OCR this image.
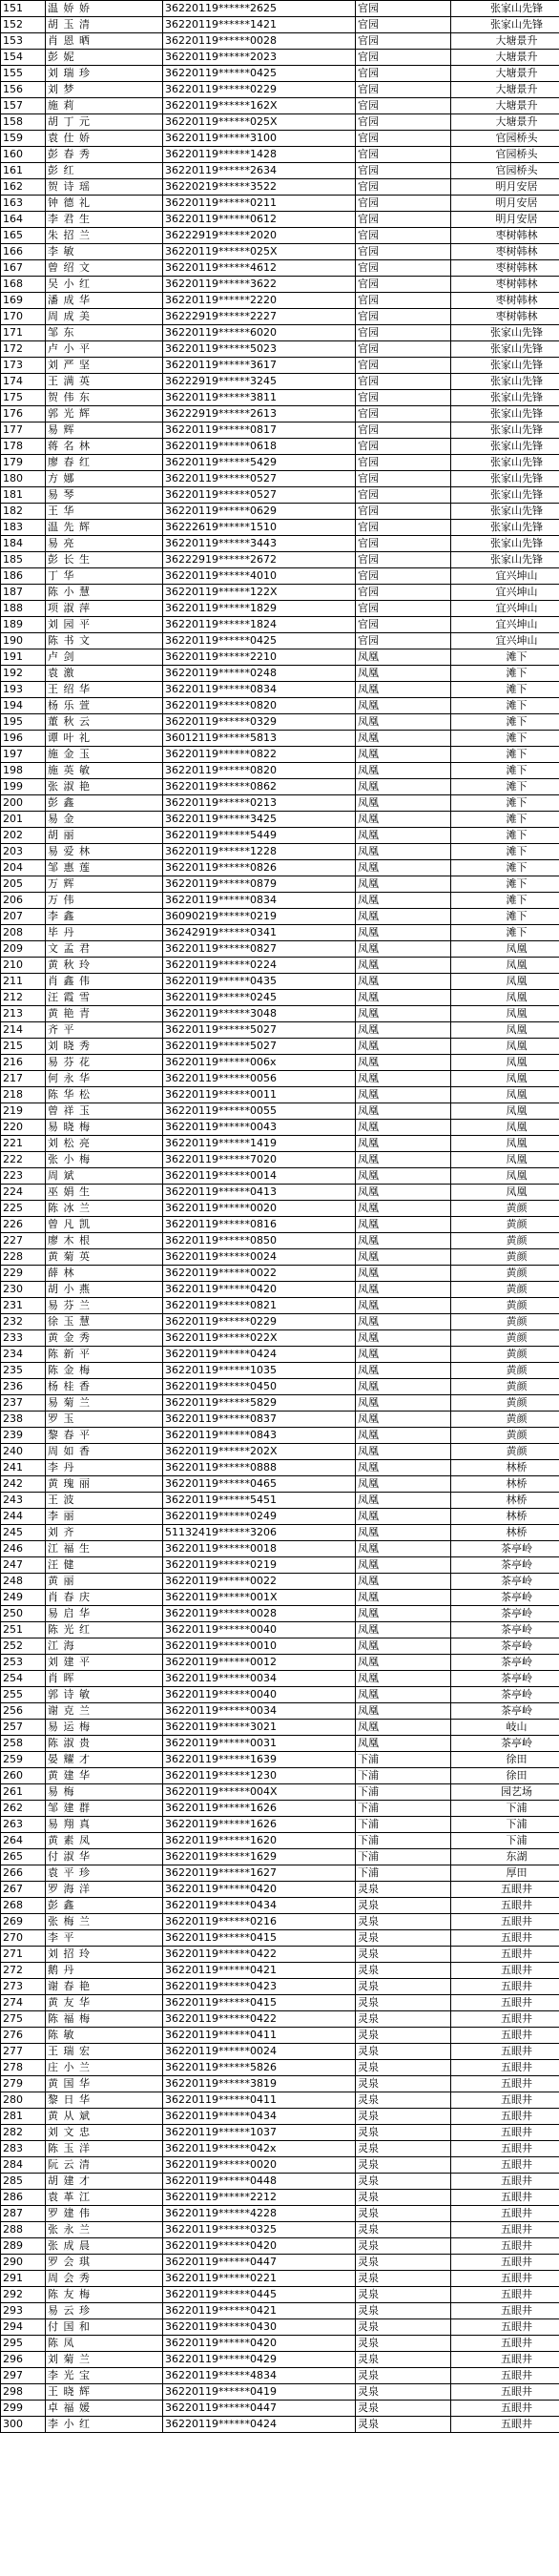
151	温 娇 娇	36220119******2625	官园	张家山先锋
152	胡 玉 清	36220119******1421	官园	张家山先锋
153	肖 恩 晒	36220119******0028	官园	大塘景升
154	彭 妮	36220119******2023	官园	大塘景升
155	刘 瑞 珍	36220119******0425	官园	大塘景升
156	刘 梦	36220119******0229	官园	大塘景升
157	施 莉	36220119******162X	官园	大塘景升
158	胡 丁 元	36220119******025X	官园	大塘景升
159	袁 仕 娇	36220119******3100	官园	官园桥头
160	彭 春 秀	36220119******1428	官园	官园桥头
161	彭 红	36220119******2634	官园	官园桥头
162	贺 诗 瑶	36220219******3522	官园	明月安居
163	钟 德 礼	36220119******0211	官园	明月安居
164	李 君 生	36220119******0612	官园	明月安居
165	朱 招 兰	36222919******2020	官园	枣树韩林
166	李 敏	36220119******025X	官园	枣树韩林
167	曾 绍 文	36220119******4612	官园	枣树韩林
168	吴 小 红	36220119******3622	官园	枣树韩林
169	潘 成 华	36220119******2220	官园	枣树韩林
170	周 成 美	36222919******2227	官园	枣树韩林
171	邹 东	36220119******6020	官园	张家山先锋
172	卢 小 平	36220119******5023	官园	张家山先锋
173	刘 严 坚	36220119******3617	官园	张家山先锋
174	王 满 英	36222919******3245	官园	张家山先锋
175	贺 伟 东	36220119******3811	官园	张家山先锋
176	郭 光 辉	36222919******2613	官园	张家山先锋
177	易 辉	36220119******0817	官园	张家山先锋
178	蒋 名 林	36220119******0618	官园	张家山先锋
179	廖 春 红	36220119******5429	官园	张家山先锋
180	方 娜	36220119******0527	官园	张家山先锋
181	易 琴	36220119******0527	官园	张家山先锋
182	王 华	36220119******0629	官园	张家山先锋
183	温 先 辉	36222619******1510	官园	张家山先锋
184	易 亮	36220119******3443	官园	张家山先锋
185	彭 长 生	36222919******2672	官园	张家山先锋
186	丁 华	36220119******4010	官园	宜兴坤山
187	陈 小 慧	36220119******122X	官园	宜兴坤山
188	项 淑 萍	36220119******1829	官园	宜兴坤山
189	刘 园 平	36220119******1824	官园	宜兴坤山
190	陈 书 文	36220119******0425	官园	宜兴坤山
191	卢 剑	36220119******2210	凤凰	滩下
192	袁 激	36220119******0248	凤凰	滩下
193	王 绍 华	36220119******0834	凤凰	滩下
194	杨 乐 萱	36220119******0820	凤凰	滩下
195	董 秋 云	36220119******0329	凤凰	滩下
196	谭 叶 礼	36012119******5813	凤凰	滩下
197	施 金 玉	36220119******0822	凤凰	滩下
198	施 英 敏	36220119******0820	凤凰	滩下
199	张 淑 艳	36220119******0862	凤凰	滩下
200	彭 鑫	36220119******0213	凤凰	滩下
201	易 金	36220119******3425	凤凰	滩下
202	胡 丽	36220119******5449	凤凰	滩下
203	易 爱 林	36220119******1228	凤凰	滩下
204	邹 惠 莲	36220119******0826	凤凰	滩下
205	万 辉	36220119******0879	凤凰	滩下
206	万 伟	36220119******0834	凤凰	滩下
207	李 鑫	36090219******0219	凤凰	滩下
208	毕 丹	36242919******0341	凤凰	滩下
209	文 孟 君	36220119******0827	凤凰	凤凰
210	黄 秋 玲	36220119******0224	凤凰	凤凰
211	肖 鑫 伟	36220119******0435	凤凰	凤凰
212	汪 霞 雪	36220119******0245	凤凰	凤凰
213	黄 艳 青	36220119******3048	凤凰	凤凰
214	齐 平	36220119******5027	凤凰	凤凰
215	刘 晓 秀	36220119******5027	凤凰	凤凰
216	易 芬 花	36220119******006x	凤凰	凤凰
217	何 永 华	36220119******0056	凤凰	凤凰
218	陈 华 松	36220119******0011	凤凰	凤凰
219	曾 祥 玉	36220119******0055	凤凰	凤凰
220	易 晓 梅	36220119******0043	凤凰	凤凰
221	刘 松 亮	36220119******1419	凤凰	凤凰
222	张 小 梅	36220119******7020	凤凰	凤凰
223	周 斌	36220119******0014	凤凰	凤凰
224	巫 娟 生	36220119******0413	凤凰	凤凰
225	陈 冰 兰	36220119******0020	凤凰	黄颜
226	曾 凡 凯	36220119******0816	凤凰	黄颜
227	廖 木 根	36220119******0850	凤凰	黄颜
228	黄 菊 英	36220119******0024	凤凰	黄颜
229	薛 林	36220119******0022	凤凰	黄颜
230	胡 小 燕	36220119******0420	凤凰	黄颜
231	易 芬 兰	36220119******0821	凤凰	黄颜
232	徐 玉 慧	36220119******0229	凤凰	黄颜
233	黄 金 秀	36220119******022X	凤凰	黄颜
234	陈 新 平	36220119******0424	凤凰	黄颜
235	陈 金 梅	36220119******1035	凤凰	黄颜
236	杨 桂 香	36220119******0450	凤凰	黄颜
237	易 菊 兰	36220119******5829	凤凰	黄颜
238	罗 玉	36220119******0837	凤凰	黄颜
239	黎 春 平	36220119******0843	凤凰	黄颜
240	周 如 香	36220119******202X	凤凰	黄颜
241	李 丹	36220119******0888	凤凰	林桥
242	黄 瑰 丽	36220119******0465	凤凰	林桥
243	王 波	36220119******5451	凤凰	林桥
244	李 丽	36220119******0249	凤凰	林桥
245	刘 齐	51132419******3206	凤凰	林桥
246	江 福 生	36220119******0018	凤凰	茶亭岭
247	汪 健	36220119******0219	凤凰	茶亭岭
248	黄 丽	36220119******0022	凤凰	茶亭岭
249	肖 春 庆	36220119******001X	凤凰	茶亭岭
250	易 启 华	36220119******0028	凤凰	茶亭岭
251	陈 光 红	36220119******0040	凤凰	茶亭岭
252	江 海	36220119******0010	凤凰	茶亭岭
253	刘 建 平	36220119******0012	凤凰	茶亭岭
254	肖 晖	36220119******0034	凤凰	茶亭岭
255	郭 诗 敏	36220119******0040	凤凰	茶亭岭
256	谢 克 兰	36220119******0034	凤凰	茶亭岭
257	易 运 梅	36220119******3021	凤凰	岐山
258	陈 淑 贵	36220119******0031	凤凰	茶亭岭
259	晏 耀 才	36220119******1639	下浦	徐田
260	黄 建 华	36220119******1230	下浦	徐田
261	易 梅	36220119******004X	下浦	园艺场
262	邹 建 群	36220119******1626	下浦	下浦
263	易 翔 真	36220119******1626	下浦	下浦
264	黄 素 凤	36220119******1620	下浦	下浦
265	付 淑 华	36220119******1629	下浦	东湖
266	袁 平 珍	36220119******1627	下浦	厚田
267	罗 海 洋	36220119******0420	灵泉	五眼井
268	彭 鑫	36220119******0434	灵泉	五眼井
269	张 梅 兰	36220119******0216	灵泉	五眼井
270	李 平	36220119******0415	灵泉	五眼井
271	刘 招 玲	36220119******0422	灵泉	五眼井
272	鹅 丹	36220119******0421	灵泉	五眼井
273	谢 春 艳	36220119******0423	灵泉	五眼井
274	黄 友 华	36220119******0415	灵泉	五眼井
275	陈 福 梅	36220119******0422	灵泉	五眼井
276	陈 敏	36220119******0411	灵泉	五眼井
277	王 瑞 宏	36220119******0024	灵泉	五眼井
278	庄 小 兰	36220119******5826	灵泉	五眼井
279	黄 国 华	36220119******3819	灵泉	五眼井
280	黎 日 华	36220119******0411	灵泉	五眼井
281	黄 从 斌	36220119******0434	灵泉	五眼井
282	刘 文 忠	36220119******1037	灵泉	五眼井
283	陈 玉 洋	36220119******042x	灵泉	五眼井
284	阮 云 清	36220119******0020	灵泉	五眼井
285	胡 建 才	36220119******0448	灵泉	五眼井
286	袁 革 江	36220119******2212	灵泉	五眼井
287	罗 建 伟	36220119******4228	灵泉	五眼井
288	张 永 兰	36220119******0325	灵泉	五眼井
289	张 成 晨	36220119******0420	灵泉	五眼井
290	罗 会 琪	36220119******0447	灵泉	五眼井
291	周 会 秀	36220119******0221	灵泉	五眼井
292	陈 友 梅	36220119******0445	灵泉	五眼井
293	易 云 珍	36220119******0421	灵泉	五眼井
294	付 国 和	36220119******0430	灵泉	五眼井
295	陈 凤	36220119******0420	灵泉	五眼井
296	刘 菊 兰	36220119******0429	灵泉	五眼井
297	李 光 宝	36220119******4834	灵泉	五眼井
298	王 晓 辉	36220119******0419	灵泉	五眼井
299	卓 福 媛	36220119******0447	灵泉	五眼井
300	李 小 红	36220119******0424	灵泉	五眼井
